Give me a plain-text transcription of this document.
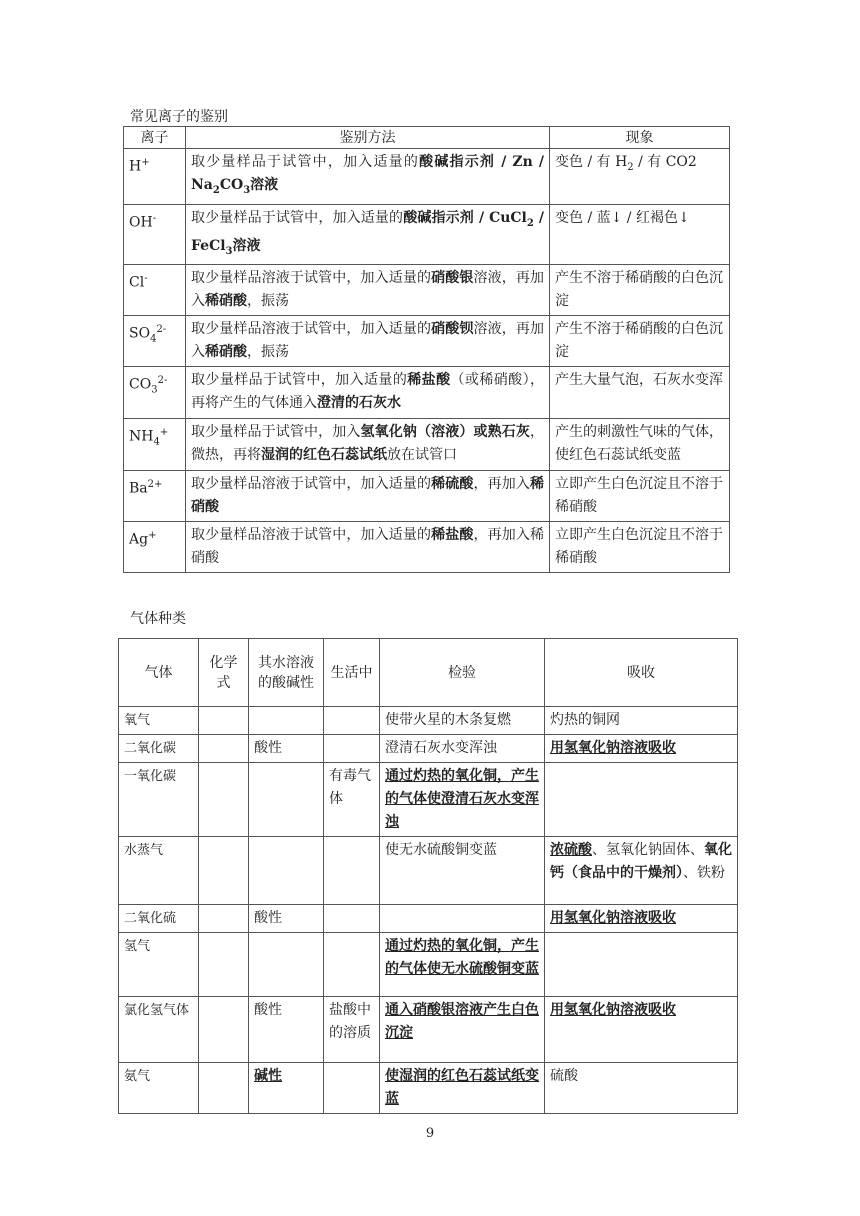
常见离子的鉴别
离子	鉴别方法	现象
H+	取少量样品于试管中，加入适量的酸碱指示剂 / Zn / $Na_2CO_3$溶液	变色 / 有 $H_2$ / 有 CO2
OH-	取少量样品于试管中，加入适量的酸碱指示剂 / CuCl$_2$ / FeCl$_3$溶液	变色 / 蓝↓ / 红褐色↓
Cl-	取少量样品溶液于试管中，加入适量的硝酸银溶液，再加入稀硝酸，振荡	产生不溶于稀硝酸的白色沉淀
$SO_4^{2-}$	取少量样品溶液于试管中，加入适量的硝酸钡溶液，再加入稀硝酸，振荡	产生不溶于稀硝酸的白色沉淀
$CO_3^{2-}$	取少量样品于试管中，加入适量的稀盐酸（或稀硝酸），再将产生的气体通入澄清的石灰水	产生大量气泡，石灰水变浑
$NH_4^+$	取少量样品于试管中，加入氢氧化钠（溶液）或熟石灰，微热，再将湿润的红色石蕊试纸放在试管口	产生的刺激性气味的气体，使红色石蕊试纸变蓝
$Ba^{2+}$	取少量样品溶液于试管中，加入适量的稀硫酸，再加入稀硝酸	立即产生白色沉淀且不溶于稀硝酸
Ag+	取少量样品溶液于试管中，加入适量的稀盐酸，再加入稀硝酸	立即产生白色沉淀且不溶于稀硝酸
气体种类
气体	化学式	其水溶液的酸碱性	生活中	检验	吸收
氧气				使带火星的木条复燃	灼热的铜网
二氧化碳		酸性		澄清石灰水变浑浊	用氢氧化钠溶液吸收
一氧化碳			有毒气体	通过灼热的氧化铜，产生的气体使澄清石灰水变浑浊	
水蒸气				使无水硫酸铜变蓝	浓硫酸、氢氧化钠固体、氧化钙（食品中的干燥剂）、铁粉
二氧化硫		酸性			用氢氧化钠溶液吸收
氢气				通过灼热的氧化铜，产生的气体使无水硫酸铜变蓝	
氯化氢气体		酸性	盐酸中的溶质	通入硝酸银溶液产生白色沉淀	用氢氧化钠溶液吸收
氨气		碱性		使湿润的红色石蕊试纸变蓝	硫酸
9
